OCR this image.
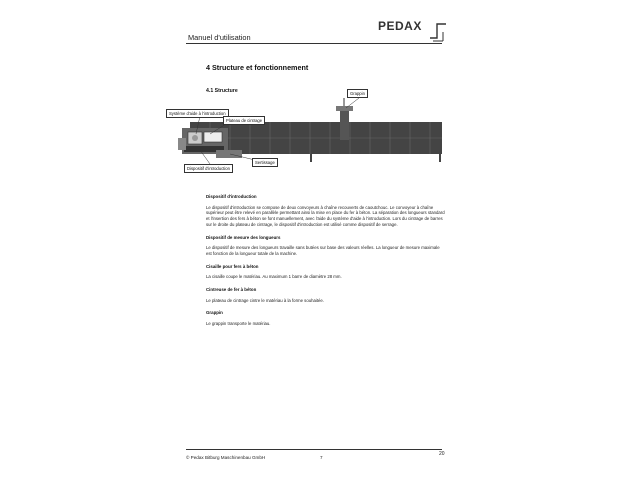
Manuel d'utilisation
PEDAX
4 Structure et fonctionnement
4.1 Structure	Grappin
Système d'aide à l'introduction
Plateau de cintrage
Sertissage
Dispositif d'introduction
Dispositif d'introduction

Le dispositif d'introduction se compose de deux convoyeurs à chaîne recouverts de caoutchouc. Le convoyeur à chaîne supérieur peut être relevé en parallèle permettant ainsi la mise en place du fer à béton. La séparation des longueurs standard et l'insertion des fers à béton se font manuellement, avec l'aide du système d'aide à l'introduction. Lors du cintrage de barres sur le droite du plateau de cintrage, le dispositif d'introduction est utilisé comme dispositif de serrage.

Dispositif de mesure des longueurs

Le dispositif de mesure des longueurs travaille sans butées sur base des valeurs réelles. La longueur de mesure maximale est fonction de la longueur totale de la machine.

Cisaille pour fers à béton

La cisaille coupe le matériau. Au maximum 1 barre de diamètre 28 mm.

Cintreuse de fer à béton

Le plateau de cintrage cintre le matériau à la forme souhaitée.

Grappin

Le grappin transporte le matériau.

© Pedax Bitburg Maschinenbau GmbH	7
20
